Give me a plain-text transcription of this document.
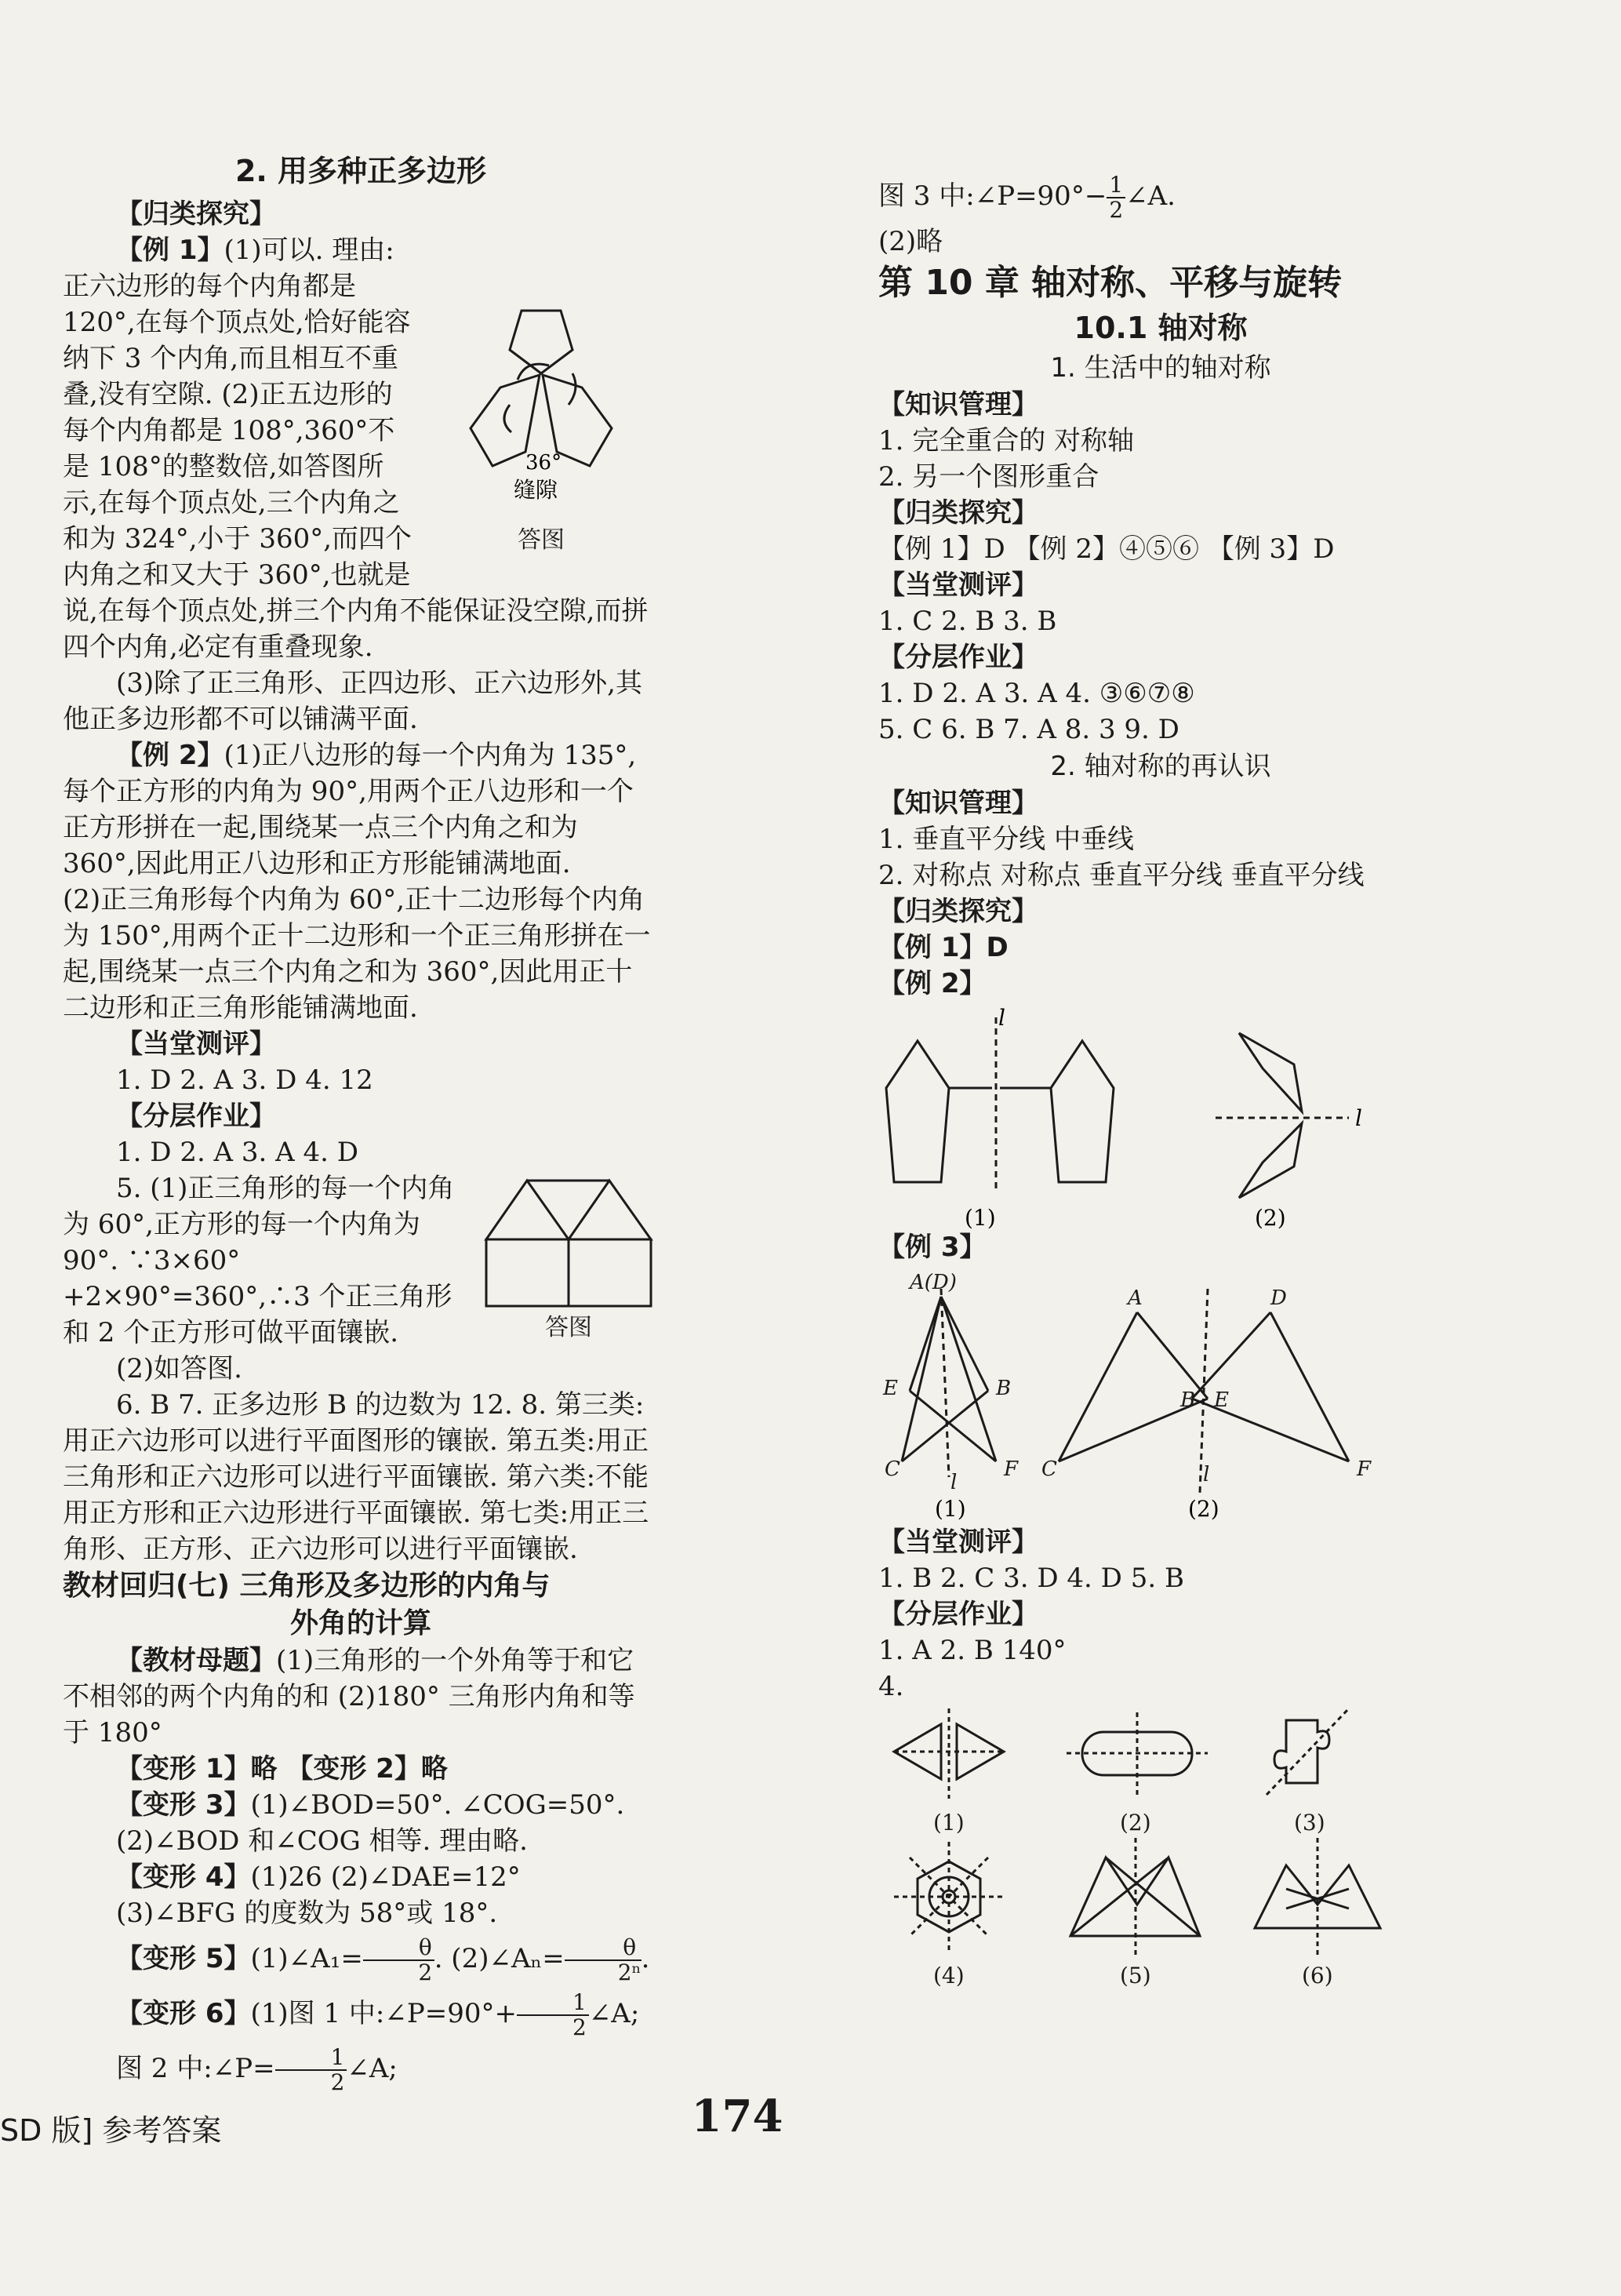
2. 用多种正多边形

【归类探究】

36°
缝隙

答图

【例 1】(1)可以. 理由:正六边形的每个内角都是 120°,在每个顶点处,恰好能容纳下 3 个内角,而且相互不重叠,没有空隙. (2)正五边形的每个内角都是 108°,360°不是 108°的整数倍,如答图所示,在每个顶点处,三个内角之和为 324°,小于 360°,而四个内角之和又大于 360°,也就是说,在每个顶点处,拼三个内角不能保证没空隙,而拼四个内角,必定有重叠现象.

(3)除了正三角形、正四边形、正六边形外,其他正多边形都不可以铺满平面.

【例 2】(1)正八边形的每一个内角为 135°,每个正方形的内角为 90°,用两个正八边形和一个正方形拼在一起,围绕某一点三个内角之和为 360°,因此用正八边形和正方形能铺满地面.

(2)正三角形每个内角为 60°,正十二边形每个内角为 150°,用两个正十二边形和一个正三角形拼在一起,围绕某一点三个内角之和为 360°,因此用正十二边形和正三角形能铺满地面.

【当堂测评】

1. D 2. A 3. D 4. 12

【分层作业】

1. D 2. A 3. A 4. D

答图

5. (1)正三角形的每一个内角为 60°,正方形的每一个内角为 90°. ∵3×60°+2×90°=360°,∴3 个正三角形和 2 个正方形可做平面镶嵌.

(2)如答图.

6. B 7. 正多边形 B 的边数为 12. 8. 第三类:用正六边形可以进行平面图形的镶嵌. 第五类:用正三角形和正六边形可以进行平面镶嵌. 第六类:不能用正方形和正六边形进行平面镶嵌. 第七类:用正三角形、正方形、正六边形可以进行平面镶嵌.

教材回归(七) 三角形及多边形的内角与

外角的计算

【教材母题】(1)三角形的一个外角等于和它不相邻的两个内角的和 (2)180° 三角形内角和等于 180°

【变形 1】略 【变形 2】略

【变形 3】(1)∠BOD=50°. ∠COG=50°.

(2)∠BOD 和∠COG 相等. 理由略.

【变形 4】(1)26 (2)∠DAE=12°

(3)∠BFG 的度数为 58°或 18°.

【变形 5】(1)∠A₁= $\frac{\theta}{2}$ . (2)∠Aₙ= $\frac{\theta}{\text{2ⁿ}}$ .

【变形 6】(1)图 1 中:∠P=90°+ $\frac{1}{2}$ ∠A;

图 2 中:∠P= $\frac{1}{2}$ ∠A;

图 3 中:∠P=90°− $\frac{1}{2}$ ∠A.

(2)略

第 10 章 轴对称、平移与旋转

10.1 轴对称

1. 生活中的轴对称

【知识管理】

1. 完全重合的 对称轴

2. 另一个图形重合

【归类探究】

【例 1】D 【例 2】④⑤⑥ 【例 3】D

【当堂测评】

1. C 2. B 3. B

【分层作业】

1. D 2. A 3. A 4. ③⑥⑦⑧

5. C 6. B 7. A 8. 3 9. D

2. 轴对称的再认识

【知识管理】

1. 垂直平分线 中垂线

2. 对称点 对称点 垂直平分线 垂直平分线

【归类探究】

【例 1】D

【例 2】

l
l
(1)	(2)

【例 3】

A(D)
E	B
C	F
l
A	D
B E
C	F
l
(1)	(2)

【当堂测评】

1. B 2. C 3. D 4. D 5. B

【分层作业】

1. A 2. B 140°

4.

(1)	(2)	(3)
(4)	(5)	(6)
SD 版] 参考答案	174
